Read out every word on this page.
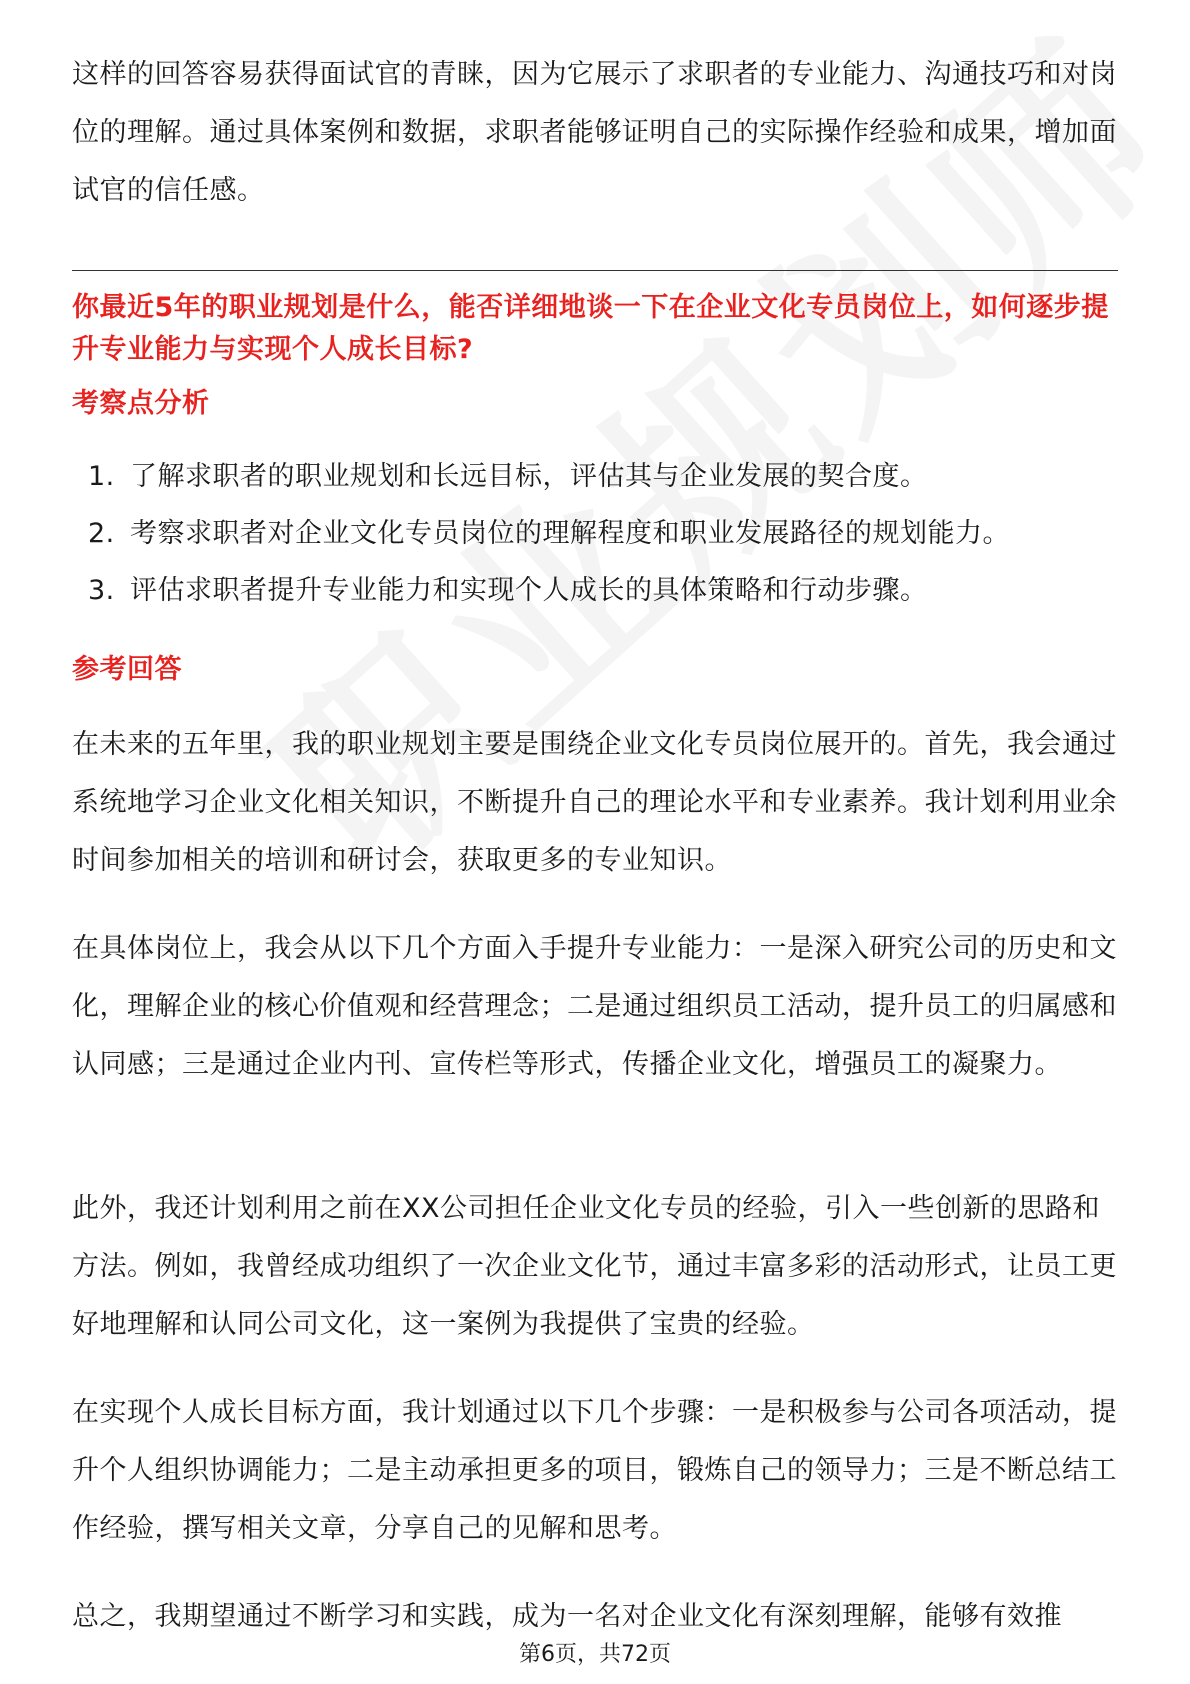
这样的回答容易获得面试官的青睐，因为它展示了求职者的专业能力、沟通技巧和对岗位的理解。通过具体案例和数据，求职者能够证明自己的实际操作经验和成果，增加面试官的信任感。

你最近5年的职业规划是什么，能否详细地谈一下在企业文化专员岗位上，如何逐步提升专业能力与实现个人成长目标?

考察点分析
1. 了解求职者的职业规划和长远目标，评估其与企业发展的契合度。
2. 考察求职者对企业文化专员岗位的理解程度和职业发展路径的规划能力。
3. 评估求职者提升专业能力和实现个人成长的具体策略和行动步骤。
参考回答

在未来的五年里，我的职业规划主要是围绕企业文化专员岗位展开的。首先，我会通过系统地学习企业文化相关知识，不断提升自己的理论水平和专业素养。我计划利用业余时间参加相关的培训和研讨会，获取更多的专业知识。

在具体岗位上，我会从以下几个方面入手提升专业能力：一是深入研究公司的历史和文化，理解企业的核心价值观和经营理念；二是通过组织员工活动，提升员工的归属感和认同感；三是通过企业内刊、宣传栏等形式，传播企业文化，增强员工的凝聚力。

此外，我还计划利用之前在XX公司担任企业文化专员的经验，引入一些创新的思路和方法。例如，我曾经成功组织了一次企业文化节，通过丰富多彩的活动形式，让员工更好地理解和认同公司文化，这一案例为我提供了宝贵的经验。

在实现个人成长目标方面，我计划通过以下几个步骤：一是积极参与公司各项活动，提升个人组织协调能力；二是主动承担更多的项目，锻炼自己的领导力；三是不断总结工作经验，撰写相关文章，分享自己的见解和思考。

总之，我期望通过不断学习和实践，成为一名对企业文化有深刻理解，能够有效推

第6页，共72页
